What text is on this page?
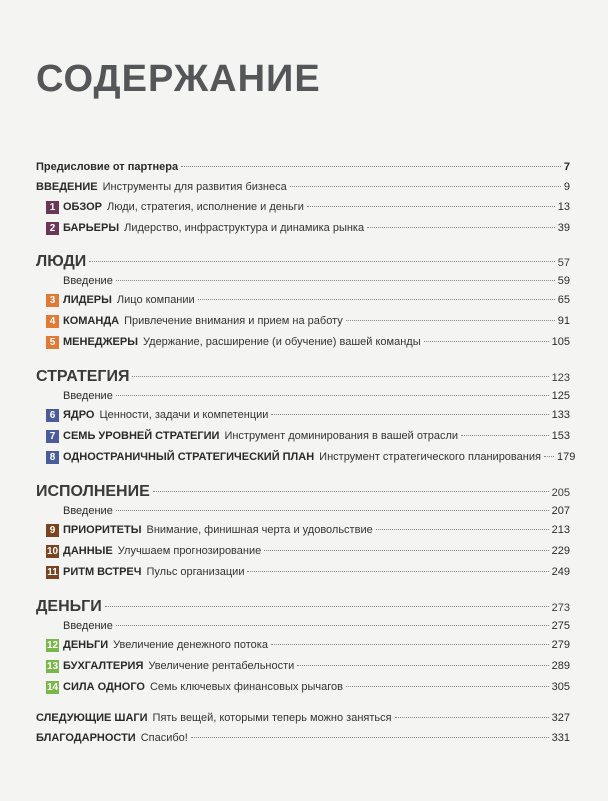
СОДЕРЖАНИЕ
Предисловие от партнера	7
ВВЕДЕНИЕ Инструменты для развития бизнеса	9
1 ОБЗОР Люди, стратегия, исполнение и деньги	13
2 БАРЬЕРЫ Лидерство, инфраструктура и динамика рынка	39
ЛЮДИ	57
Введение	59
3 ЛИДЕРЫ Лицо компании	65
4 КОМАНДА Привлечение внимания и прием на работу	91
5 МЕНЕДЖЕРЫ Удержание, расширение (и обучение) вашей команды	105
СТРАТЕГИЯ	123
Введение	125
6 ЯДРО Ценности, задачи и компетенции	133
7 СЕМЬ УРОВНЕЙ СТРАТЕГИИ Инструмент доминирования в вашей отрасли	153
8 ОДНОСТРАНИЧНЫЙ СТРАТЕГИЧЕСКИЙ ПЛАН Инструмент стратегического планирования 179
ИСПОЛНЕНИЕ	205
Введение	207
9 ПРИОРИТЕТЫ Внимание, финишная черта и удовольствие	213
10 ДАННЫЕ Улучшаем прогнозирование	229
11 РИТМ ВСТРЕЧ Пульс организации	249
ДЕНЬГИ	273
Введение	275
12 ДЕНЬГИ Увеличение денежного потока	279
13 БУХГАЛТЕРИЯ Увеличение рентабельности	289
14 СИЛА ОДНОГО Семь ключевых финансовых рычагов	305
СЛЕДУЮЩИЕ ШАГИ Пять вещей, которыми теперь можно заняться	327
БЛАГОДАРНОСТИ Спасибо!	331
